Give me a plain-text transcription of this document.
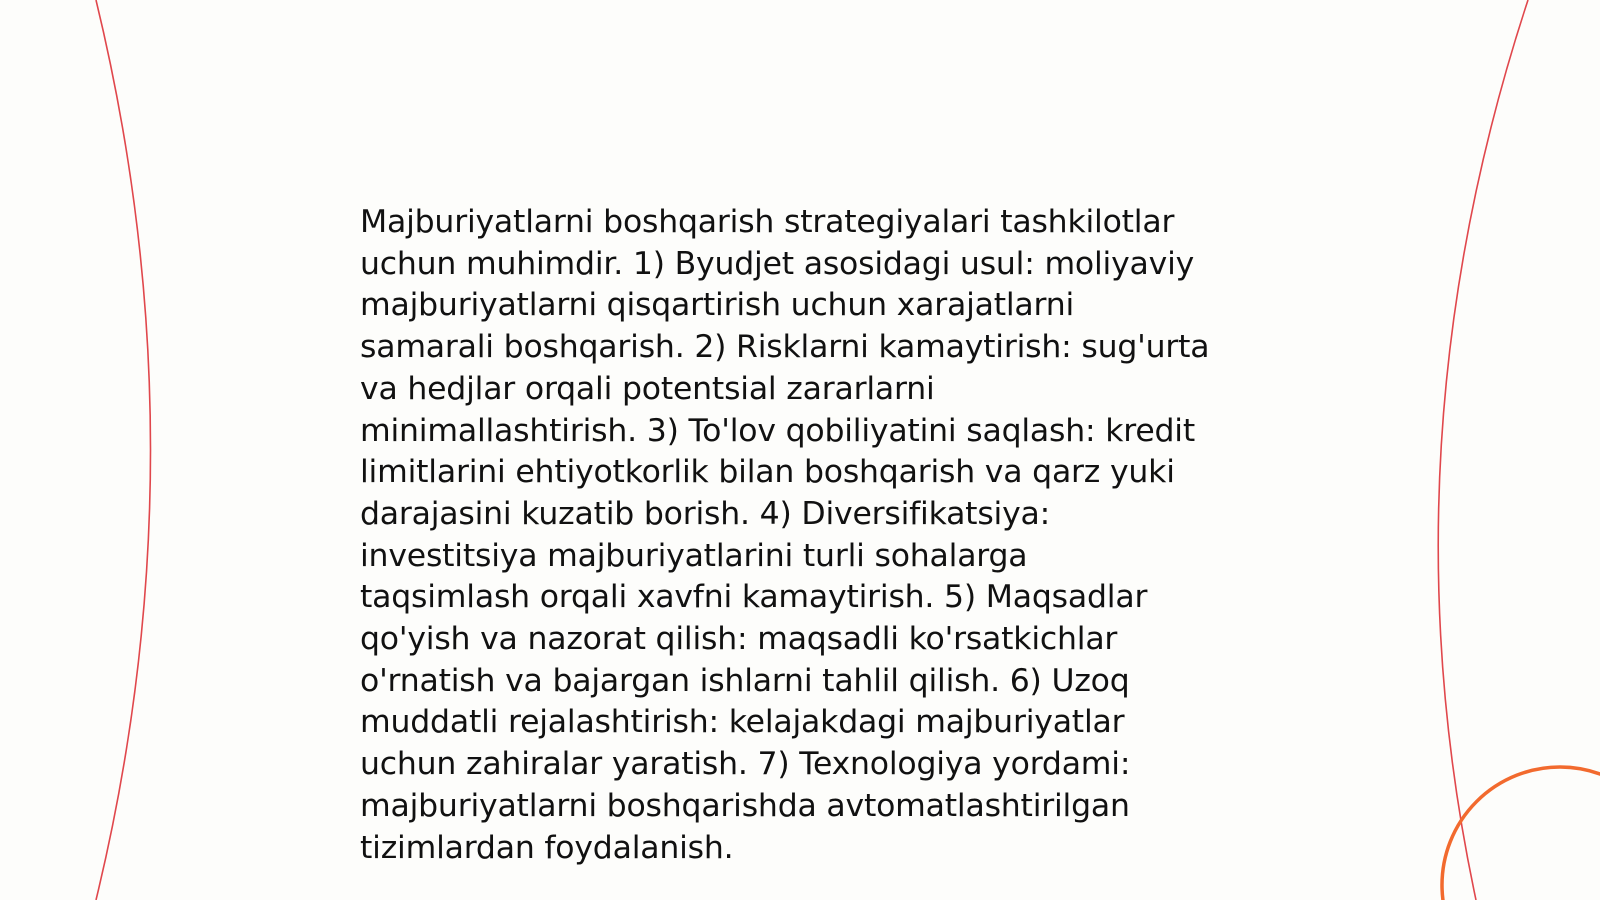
Majburiyatlarni boshqarish strategiyalari tashkilotlar
uchun muhimdir. 1) Byudjet asosidagi usul: moliyaviy
majburiyatlarni qisqartirish uchun xarajatlarni
samarali boshqarish. 2) Risklarni kamaytirish: sug'urta
va hedjlar orqali potentsial zararlarni
minimallashtirish. 3) To'lov qobiliyatini saqlash: kredit
limitlarini ehtiyotkorlik bilan boshqarish va qarz yuki
darajasini kuzatib borish. 4) Diversifikatsiya:
investitsiya majburiyatlarini turli sohalarga
taqsimlash orqali xavfni kamaytirish. 5) Maqsadlar
qo'yish va nazorat qilish: maqsadli ko'rsatkichlar
o'rnatish va bajargan ishlarni tahlil qilish. 6) Uzoq
muddatli rejalashtirish: kelajakdagi majburiyatlar
uchun zahiralar yaratish. 7) Texnologiya yordami:
majburiyatlarni boshqarishda avtomatlashtirilgan
tizimlardan foydalanish.
